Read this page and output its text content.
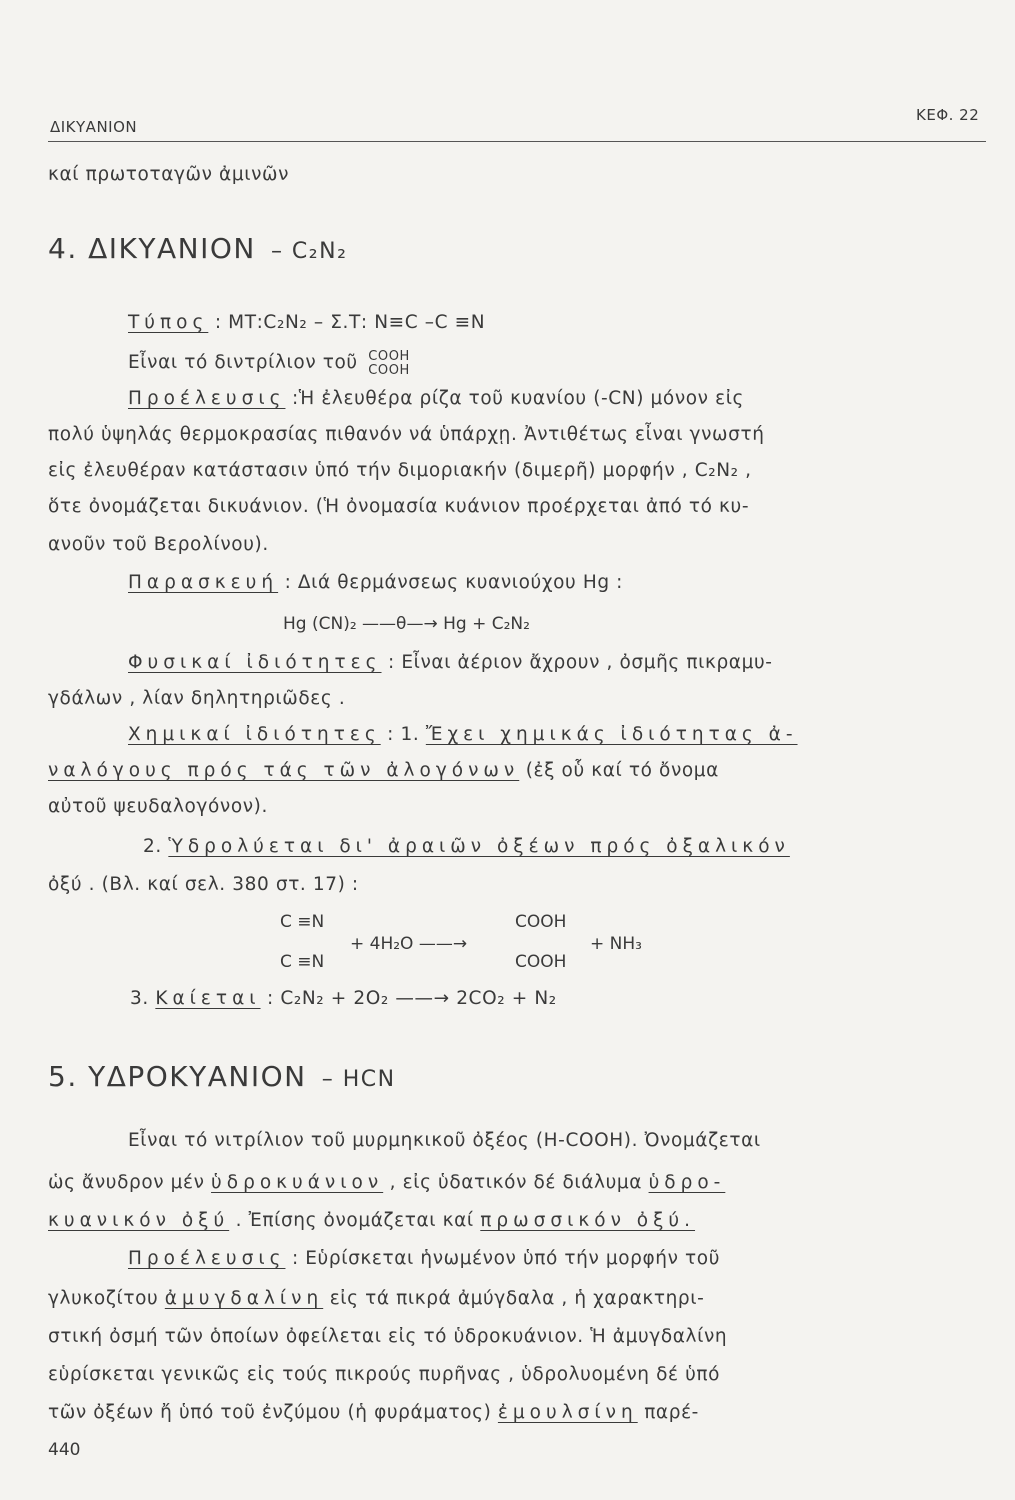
ΔΙΚΥΑΝΙΟΝ
ΚΕΦ. 22
καί πρωτοταγῶν ἀμινῶν
4. ΔΙΚΥΑΝΙΟΝ – C₂N₂
Τύπος : ΜΤ:C₂N₂ – Σ.Τ: N≡C –C ≡N
Εἶναι τό διντρίλιον τοῦ COOH
COOH
Προέλευσις :Ἡ ἐλευθέρα ρίζα τοῦ κυανίου (-CN) μόνον εἰς
πολύ ὑψηλάς θερμοκρασίας πιθανόν νά ὑπάρχῃ. Ἀντιθέτως εἶναι γνωστή
εἰς ἐλευθέραν κατάστασιν ὑπό τήν διμοριακήν (διμερῆ) μορφήν , C₂N₂ ,
ὅτε ὀνομάζεται δικυάνιον. (Ἡ ὀνομασία κυάνιον προέρχεται ἀπό τό κυ-
ανοῦν τοῦ Βερολίνου).
Παρασκευή : Διά θερμάνσεως κυανιούχου Hg :
Hg (CN)₂ ——θ—→ Hg + C₂N₂
Φυσικαί ἰδιότητες : Εἶναι ἀέριον ἄχρουν , ὀσμῆς πικραμυ-
γδάλων , λίαν δηλητηριῶδες .
Χημικαί ἰδιότητες : 1. Ἔχει χημικάς ἰδιότητας ἀ-
ναλόγους πρός τάς τῶν ἀλογόνων (ἐξ οὗ καί τό ὄνομα
αὐτοῦ ψευδαλογόνον).
2. Ὑδρολύεται δι' ἀραιῶν ὀξέων πρός ὀξαλικόν
ὀξύ . (Βλ. καί σελ. 380 στ. 17) :
C ≡N
C ≡N
+ 4H₂O ——→
COOH
COOH
+ NH₃
3. Καίεται : C₂N₂ + 2O₂ ——→ 2CO₂ + N₂
5. ΥΔΡΟΚΥΑΝΙΟΝ – HCN
Εἶναι τό νιτρίλιον τοῦ μυρμηκικοῦ ὀξέος (H-COOH). Ὀνομάζεται
ὡς ἄνυδρον μέν ὑδροκυάνιον , εἰς ὑδατικόν δέ διάλυμα ὑδρο-
κυανικόν ὀξύ . Ἐπίσης ὀνομάζεται καί πρωσσικόν ὀξύ.
Προέλευσις : Εὑρίσκεται ἡνωμένον ὑπό τήν μορφήν τοῦ
γλυκοζίτου ἀμυγδαλίνη εἰς τά πικρά ἀμύγδαλα , ἡ χαρακτηρι-
στική ὀσμή τῶν ὁποίων ὀφείλεται εἰς τό ὑδροκυάνιον. Ἡ ἀμυγδαλίνη
εὑρίσκεται γενικῶς εἰς τούς πικρούς πυρῆνας , ὑδρολυομένη δέ ὑπό
τῶν ὀξέων ἤ ὑπό τοῦ ἐνζύμου (ἡ φυράματος) ἐμουλσίνη παρέ-
440
